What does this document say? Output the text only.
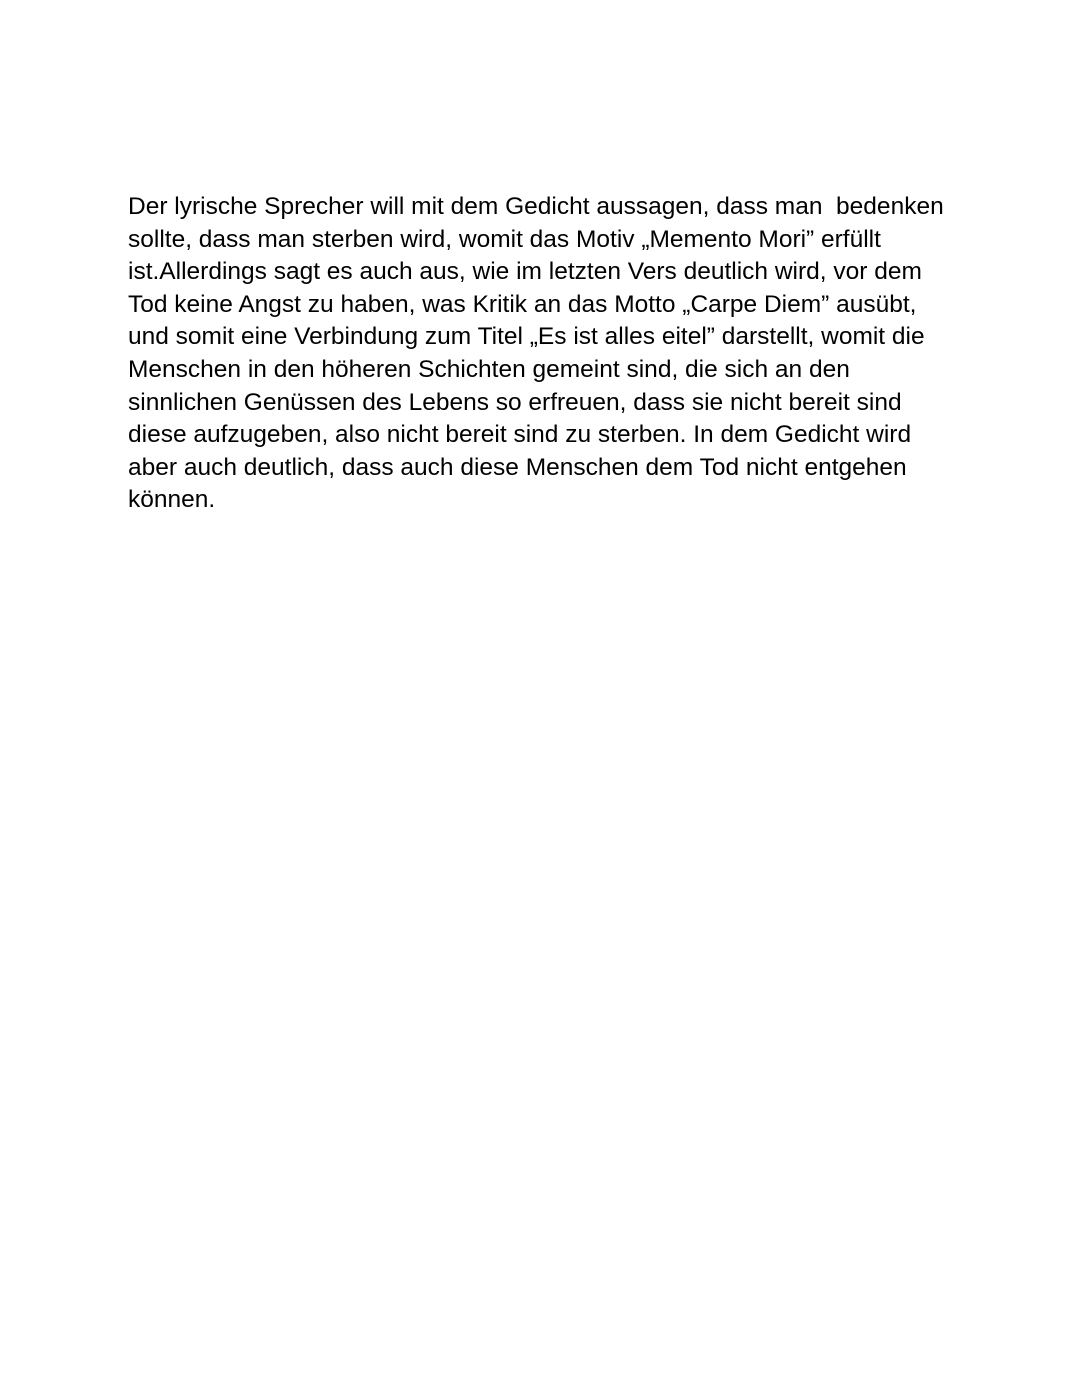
Der lyrische Sprecher will mit dem Gedicht aussagen, dass man  bedenken
sollte, dass man sterben wird, womit das Motiv „Memento Mori” erfüllt
ist.Allerdings sagt es auch aus, wie im letzten Vers deutlich wird, vor dem
Tod keine Angst zu haben, was Kritik an das Motto „Carpe Diem” ausübt,
und somit eine Verbindung zum Titel „Es ist alles eitel” darstellt, womit die
Menschen in den höheren Schichten gemeint sind, die sich an den
sinnlichen Genüssen des Lebens so erfreuen, dass sie nicht bereit sind
diese aufzugeben, also nicht bereit sind zu sterben. In dem Gedicht wird
aber auch deutlich, dass auch diese Menschen dem Tod nicht entgehen
können.
